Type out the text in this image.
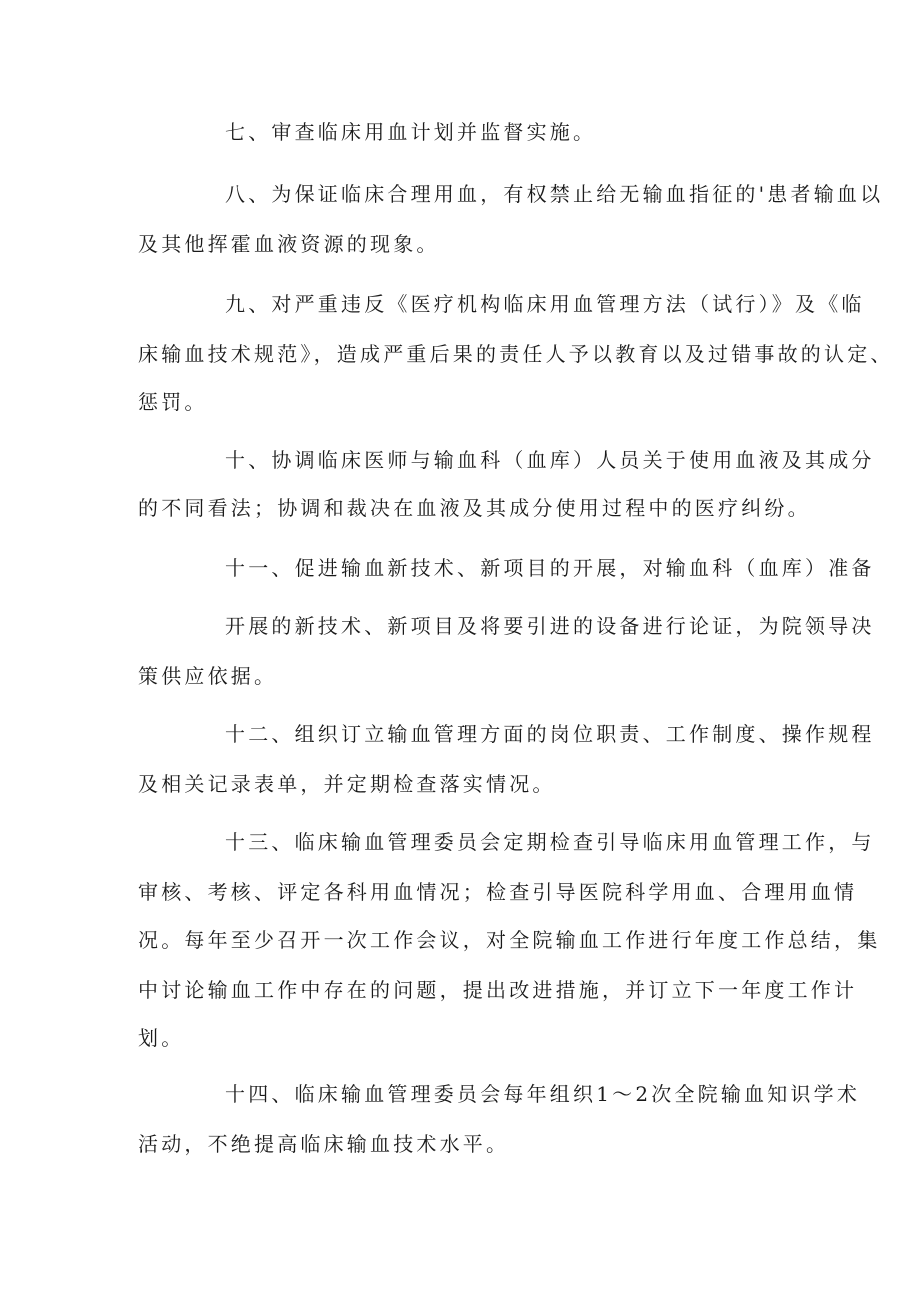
七、审查临床用血计划并监督实施。
八、为保证临床合理用血，有权禁止给无输血指征的'患者输血以
及其他挥霍血液资源的现象。
九、对严重违反《医疗机构临床用血管理方法（试行）》及《临
床输血技术规范》，造成严重后果的责任人予以教育以及过错事故的认定、
惩罚。
十、协调临床医师与输血科（血库）人员关于使用血液及其成分
的不同看法；协调和裁决在血液及其成分使用过程中的医疗纠纷。
十一、促进输血新技术、新项目的开展，对输血科（血库）准备
开展的新技术、新项目及将要引进的设备进行论证，为院领导决
策供应依据。
十二、组织订立输血管理方面的岗位职责、工作制度、操作规程
及相关记录表单，并定期检查落实情况。
十三、临床输血管理委员会定期检查引导临床用血管理工作，与
审核、考核、评定各科用血情况；检查引导医院科学用血、合理用血情
况。每年至少召开一次工作会议，对全院输血工作进行年度工作总结，集
中讨论输血工作中存在的问题，提出改进措施，并订立下一年度工作计
划。
十四、临床输血管理委员会每年组织1～2次全院输血知识学术
活动，不绝提高临床输血技术水平。
